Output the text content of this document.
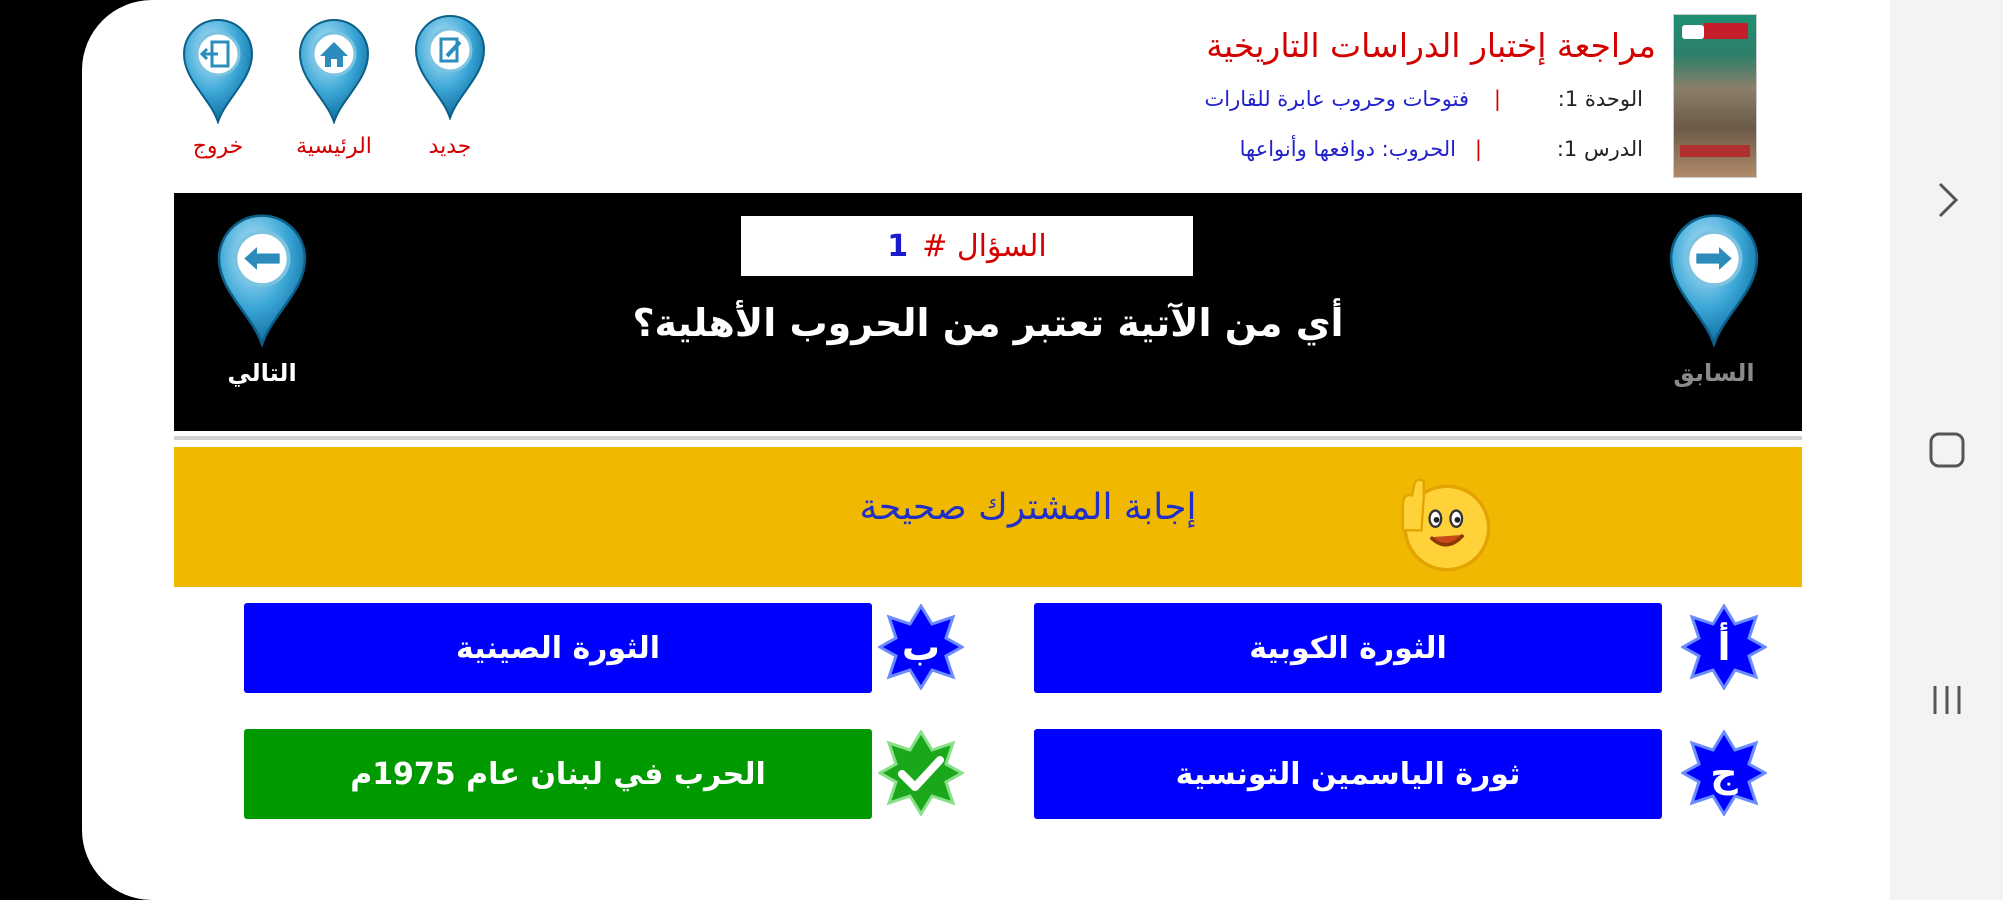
مراجعة إختبار الدراسات التاريخية
الوحدة 1:
|
فتوحات وحروب عابرة للقارات
الدرس 1:
|
الحروب: دوافعها وأنواعها
جديد
الرئيسية
خروج
السؤال #
1
أي من الآتية تعتبر من الحروب الأهلية؟
التالي	السابق
إجابة المشترك صحيحة
الثورة الكوبية	أ
الثورة الصينية	ب
ثورة الياسمين التونسية	ج
الحرب في لبنان عام 1975م
